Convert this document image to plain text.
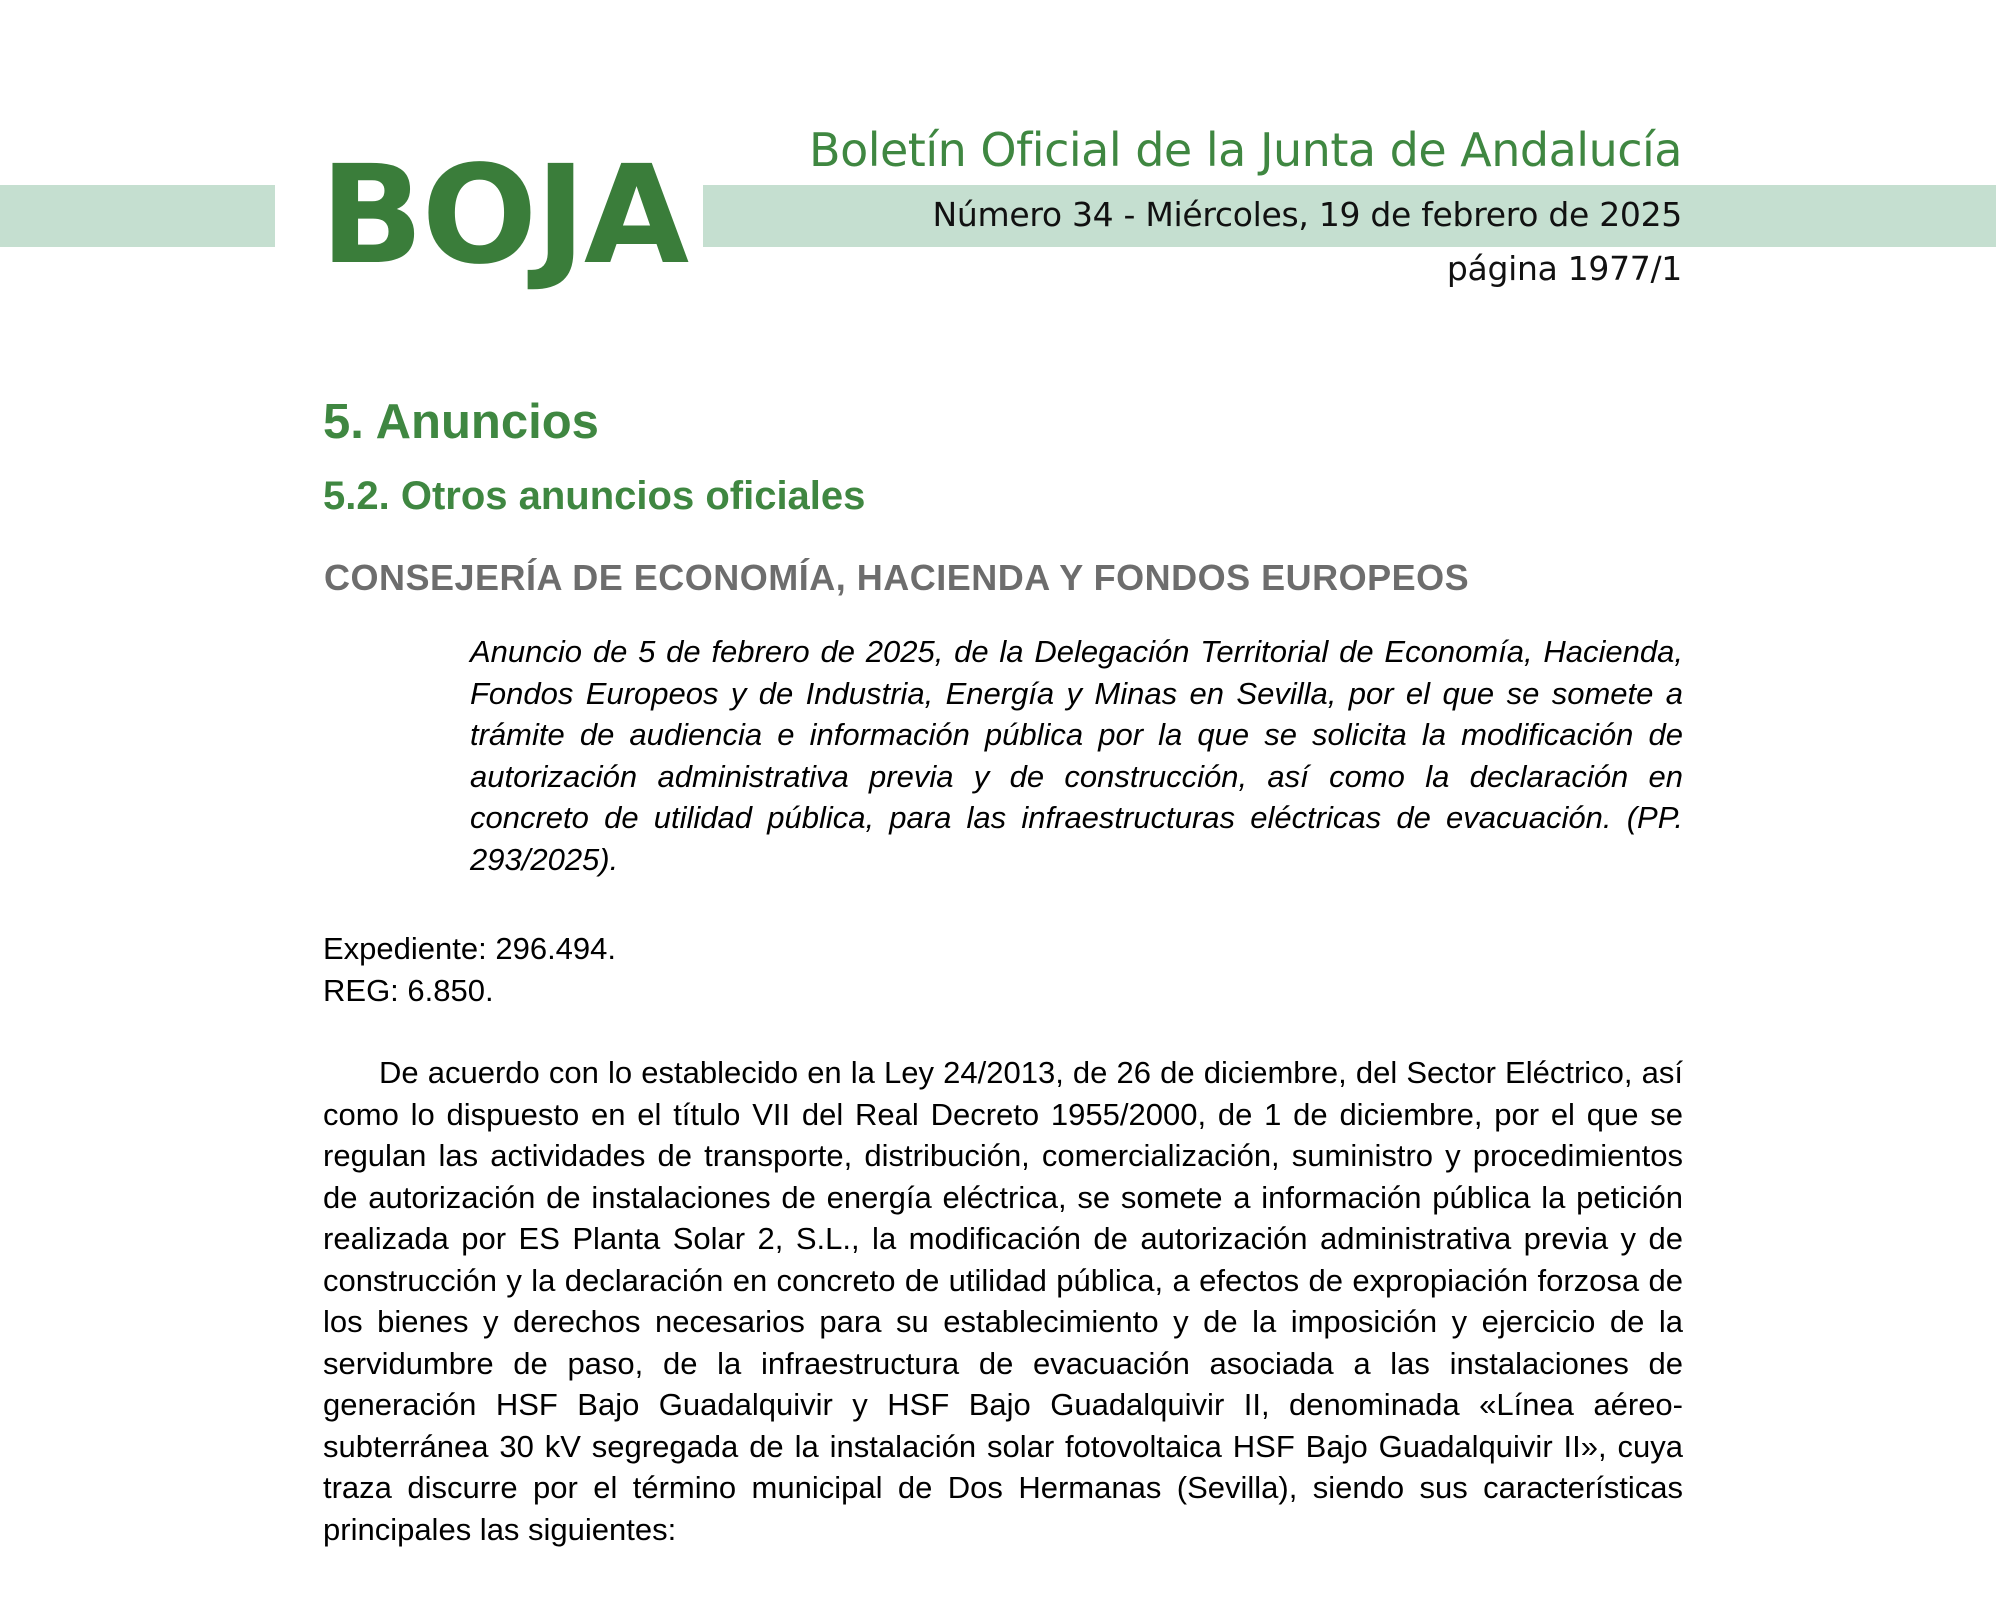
BOJA	Boletín Oficial de la Junta de Andalucía
Número 34 - Miércoles, 19 de febrero de 2025
página 1977/1
5. Anuncios
5.2. Otros anuncios oficiales
CONSEJERÍA DE ECONOMÍA, HACIENDA Y FONDOS EUROPEOS

Anuncio de 5 de febrero de 2025, de la Delegación Territorial de Economía, Hacienda, Fondos Europeos y de Industria, Energía y Minas en Sevilla, por el que se somete a trámite de audiencia e información pública por la que se solicita la modificación de autorización administrativa previa y de construcción, así como la declaración en concreto de utilidad pública, para las infraestructuras eléctricas de evacuación. (PP. 293/2025).

Expediente: 296.494.
REG: 6.850.

De acuerdo con lo establecido en la Ley 24/2013, de 26 de diciembre, del Sector Eléctrico, así como lo dispuesto en el título VII del Real Decreto 1955/2000, de 1 de diciembre, por el que se regulan las actividades de transporte, distribución, comercialización, suministro y procedimientos de autorización de instalaciones de energía eléctrica, se somete a información pública la petición realizada por ES Planta Solar 2, S.L., la modificación de autorización administrativa previa y de construcción y la declaración en concreto de utilidad pública, a efectos de expropiación forzosa de los bienes y derechos necesarios para su establecimiento y de la imposición y ejercicio de la servidumbre de paso, de la infraestructura de evacuación asociada a las instalaciones de generación HSF Bajo Guadalquivir y HSF Bajo Guadalquivir II, denominada «Línea aéreo-subterránea 30 kV segregada de la instalación solar fotovoltaica HSF Bajo Guadalquivir II», cuya traza discurre por el término municipal de Dos Hermanas (Sevilla), siendo sus características principales las siguientes:
